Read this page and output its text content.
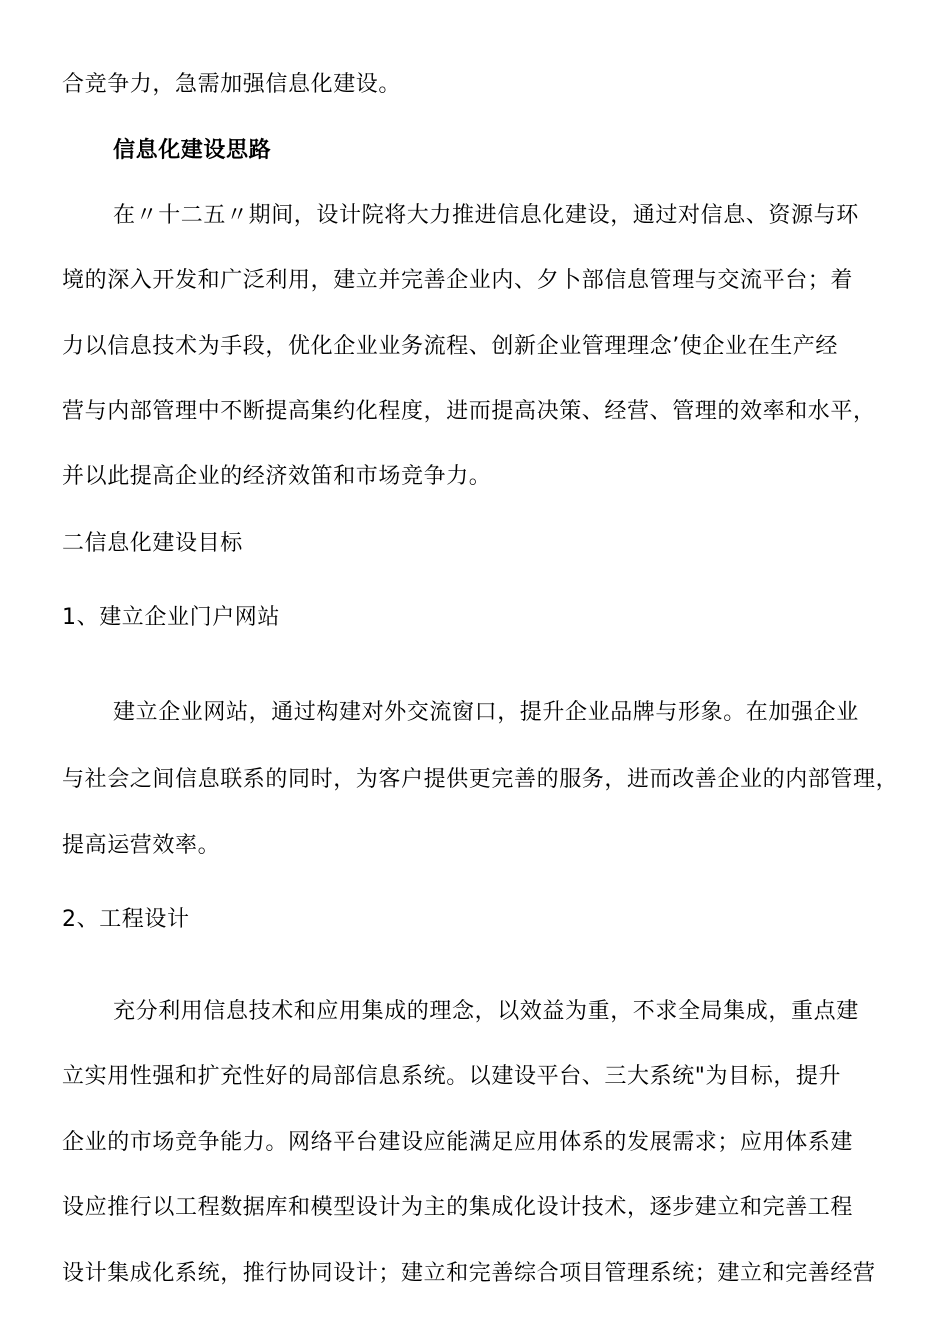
合竞争力，急需加强信息化建设。
信息化建设思路
在〃十二五〃期间，设计院将大力推进信息化建设，通过对信息、资源与环
境的深入开发和广泛利用，建立并完善企业内、夕卜部信息管理与交流平台；着
力以信息技术为手段，优化企业业务流程、创新企业管理理念’使企业在生产经
营与内部管理中不断提高集约化程度，进而提高决策、经营、管理的效率和水平，
并以此提高企业的经济效笛和市场竞争力。
二信息化建设目标
1、建立企业门户网站
建立企业网站，通过构建对外交流窗口，提升企业品牌与形象。在加强企业
与社会之间信息联系的同时，为客户提供更完善的服务，进而改善企业的内部管理，
提高运营效率。
2、工程设计
充分利用信息技术和应用集成的理念，以效益为重，不求全局集成，重点建
立实用性强和扩充性好的局部信息系统。以建设平台、三大系统"为目标，提升
企业的市场竞争能力。网络平台建设应能满足应用体系的发展需求；应用体系建
设应推行以工程数据库和模型设计为主的集成化设计技术，逐步建立和完善工程
设计集成化系统，推行协同设计；建立和完善综合项目管理系统；建立和完善经营
